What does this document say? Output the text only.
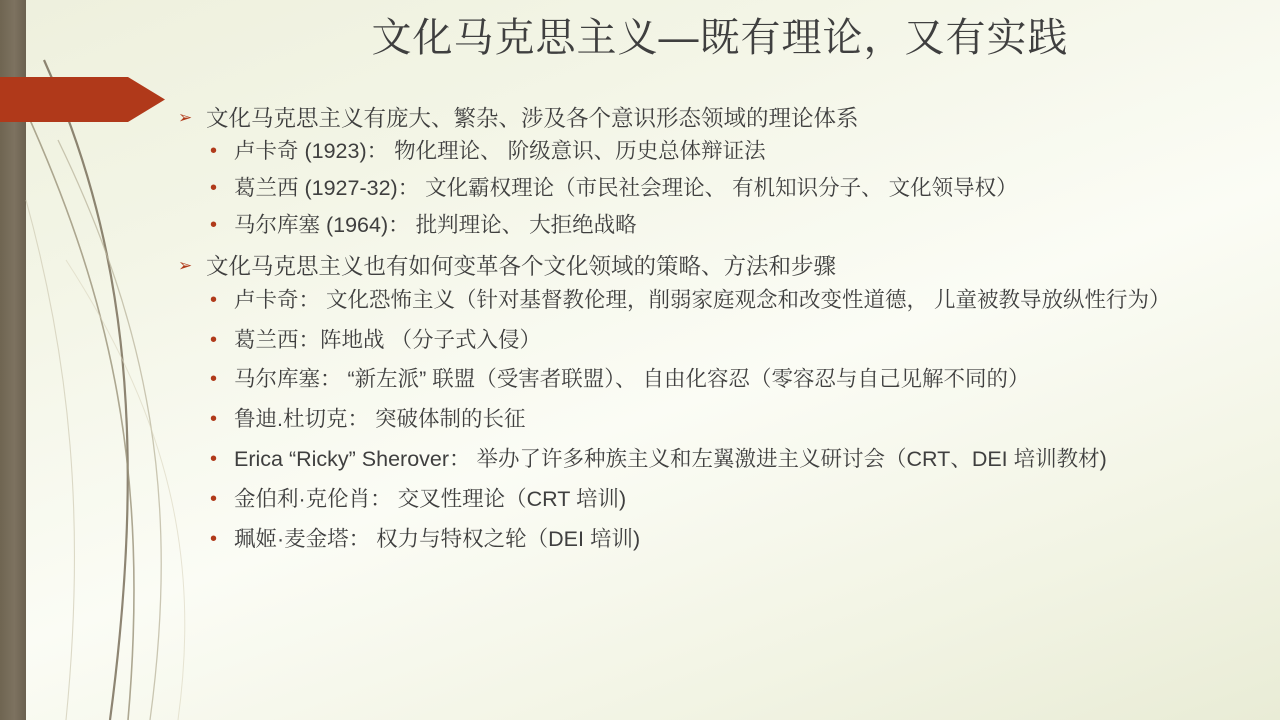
文化马克思主义—既有理论，又有实践
➢ 文化马克思主义有庞大、繁杂、涉及各个意识形态领域的理论体系
• 卢卡奇 (1923)： 物化理论、 阶级意识、历史总体辩证法
• 葛兰西 (1927-32)： 文化霸权理论（市民社会理论、 有机知识分子、 文化领导权）
• 马尔库塞 (1964)： 批判理论、 大拒绝战略
➢ 文化马克思主义也有如何变革各个文化领域的策略、方法和步骤
• 卢卡奇： 文化恐怖主义（针对基督教伦理，削弱家庭观念和改变性道德， 儿童被教导放纵性行为）
• 葛兰西：阵地战 （分子式入侵）
• 马尔库塞： “新左派” 联盟（受害者联盟）、 自由化容忍（零容忍与自己见解不同的）
• 鲁迪.杜切克： 突破体制的长征
• Erica “Ricky” Sherover： 举办了许多种族主义和左翼激进主义研讨会（CRT、DEI 培训教材)
• 金伯利·克伦肖： 交叉性理论（CRT 培训)
• 珮姬·麦金塔： 权力与特权之轮（DEI 培训)
